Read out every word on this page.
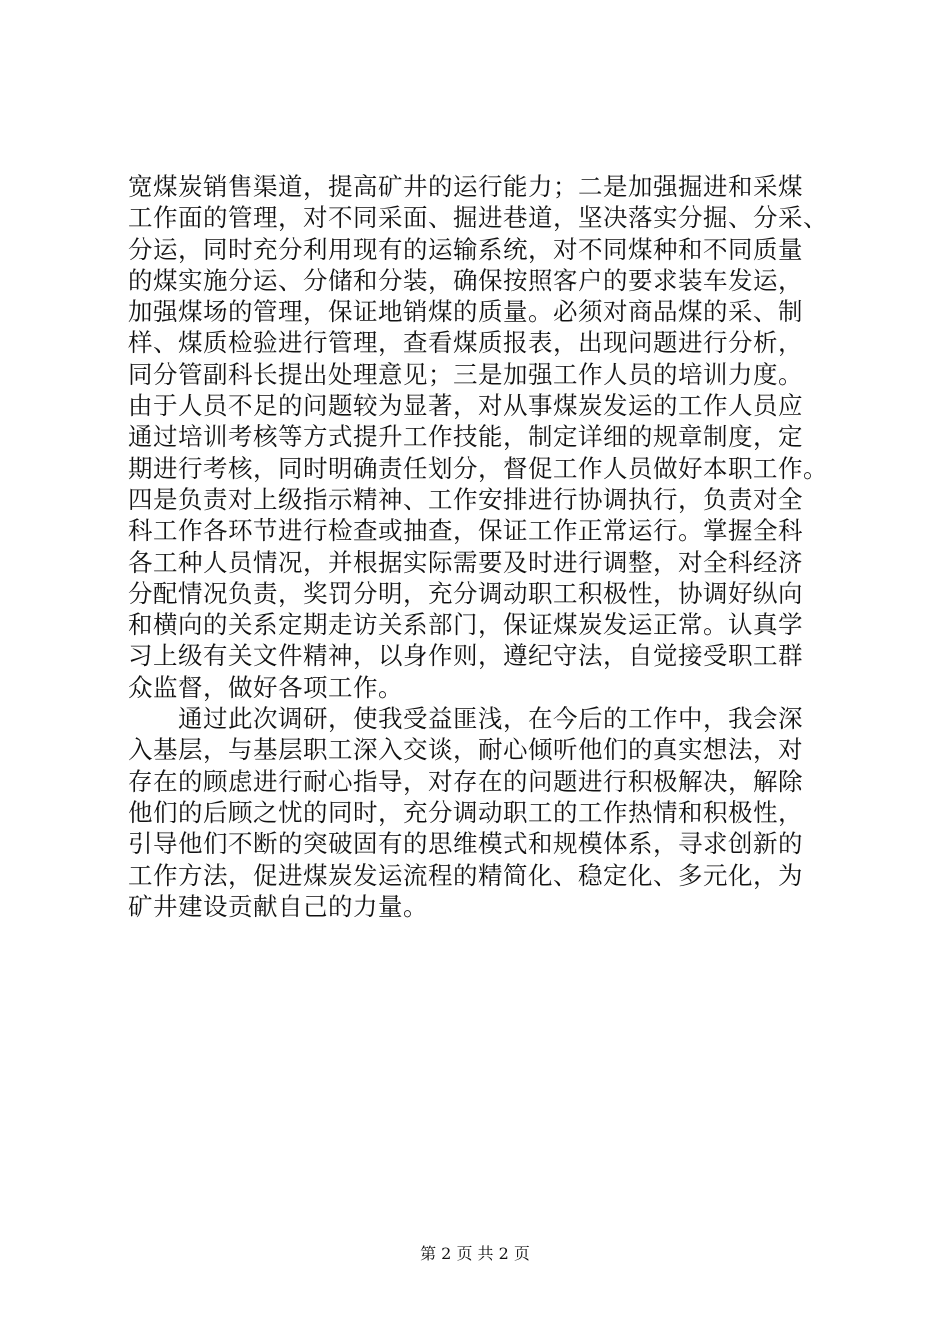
宽煤炭销售渠道，提高矿井的运行能力；二是加强掘进和采煤
工作面的管理，对不同采面、掘进巷道，坚决落实分掘、分采、
分运，同时充分利用现有的运输系统，对不同煤种和不同质量
的煤实施分运、分储和分装，确保按照客户的要求装车发运，
加强煤场的管理，保证地销煤的质量。必须对商品煤的采、制
样、煤质检验进行管理，查看煤质报表，出现问题进行分析，
同分管副科长提出处理意见；三是加强工作人员的培训力度。
由于人员不足的问题较为显著，对从事煤炭发运的工作人员应
通过培训考核等方式提升工作技能，制定详细的规章制度，定
期进行考核，同时明确责任划分，督促工作人员做好本职工作。
四是负责对上级指示精神、工作安排进行协调执行，负责对全
科工作各环节进行检查或抽查，保证工作正常运行。掌握全科
各工种人员情况，并根据实际需要及时进行调整，对全科经济
分配情况负责，奖罚分明，充分调动职工积极性，协调好纵向
和横向的关系定期走访关系部门，保证煤炭发运正常。认真学
习上级有关文件精神，以身作则，遵纪守法，自觉接受职工群
众监督，做好各项工作。
　　通过此次调研，使我受益匪浅，在今后的工作中，我会深
入基层，与基层职工深入交谈，耐心倾听他们的真实想法，对
存在的顾虑进行耐心指导，对存在的问题进行积极解决，解除
他们的后顾之忧的同时，充分调动职工的工作热情和积极性，
引导他们不断的突破固有的思维模式和规模体系，寻求创新的
工作方法，促进煤炭发运流程的精简化、稳定化、多元化，为
矿井建设贡献自己的力量。
第 2 页 共 2 页
